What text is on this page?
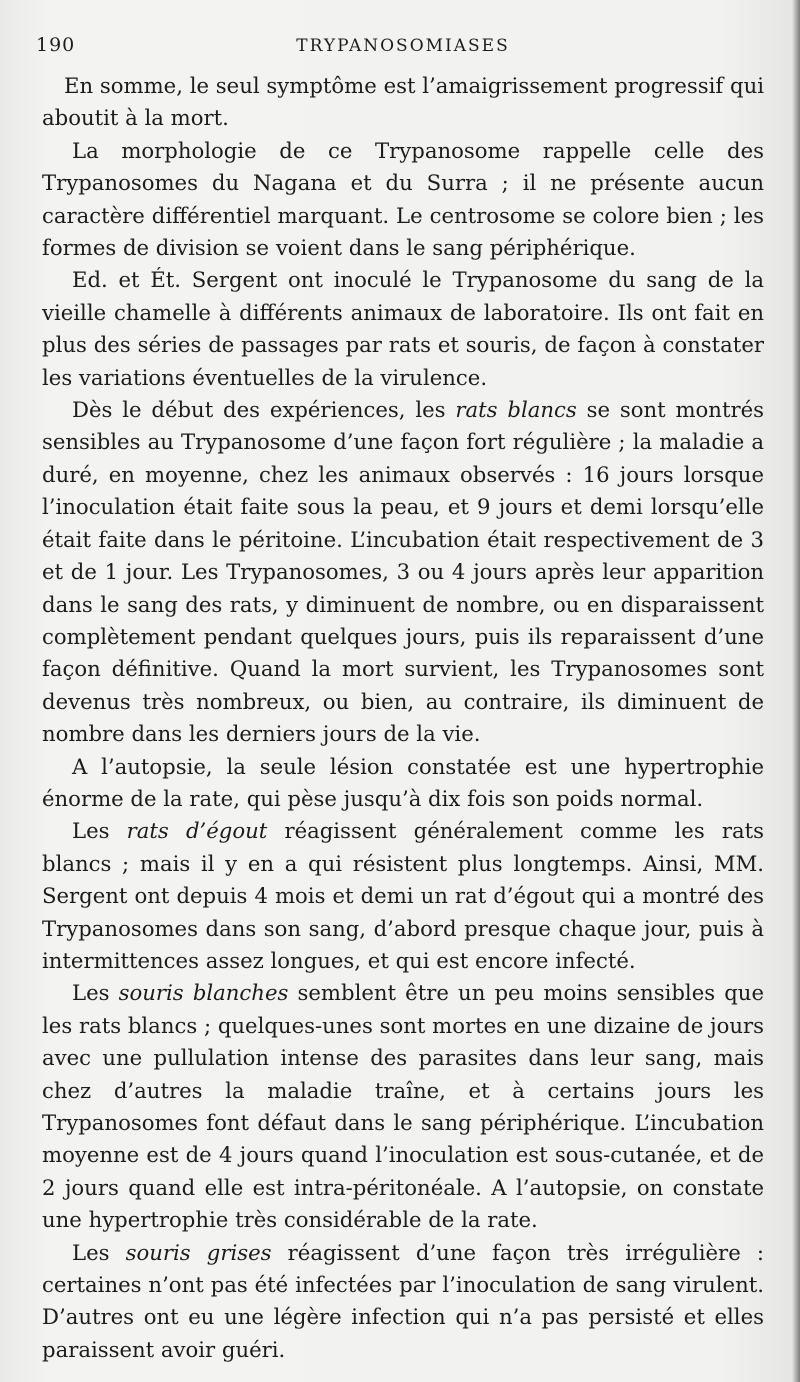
190	TRYPANOSOMIASES

En somme, le seul symptôme est l’amaigrissement progressif qui aboutit à la mort.

La morphologie de ce Trypanosome rappelle celle des Trypanosomes du Nagana et du Surra ; il ne présente aucun caractère différentiel marquant. Le centrosome se colore bien ; les formes de division se voient dans le sang périphérique.

Ed. et Ét. Sergent ont inoculé le Trypanosome du sang de la vieille chamelle à différents animaux de laboratoire. Ils ont fait en plus des séries de passages par rats et souris, de façon à constater les variations éventuelles de la virulence.

Dès le début des expériences, les rats blancs se sont montrés sensibles au Trypanosome d’une façon fort régulière ; la maladie a duré, en moyenne, chez les animaux observés : 16 jours lorsque l’inoculation était faite sous la peau, et 9 jours et demi lorsqu’elle était faite dans le péritoine. L’incubation était respectivement de 3 et de 1 jour. Les Trypanosomes, 3 ou 4 jours après leur apparition dans le sang des rats, y diminuent de nombre, ou en disparaissent complètement pendant quelques jours, puis ils reparaissent d’une façon définitive. Quand la mort survient, les Trypanosomes sont devenus très nombreux, ou bien, au contraire, ils diminuent de nombre dans les derniers jours de la vie.

A l’autopsie, la seule lésion constatée est une hypertrophie énorme de la rate, qui pèse jusqu’à dix fois son poids normal.

Les rats d’égout réagissent généralement comme les rats blancs ; mais il y en a qui résistent plus longtemps. Ainsi, MM. Sergent ont depuis 4 mois et demi un rat d’égout qui a montré des Trypanosomes dans son sang, d’abord presque chaque jour, puis à intermittences assez longues, et qui est encore infecté.

Les souris blanches semblent être un peu moins sensibles que les rats blancs ; quelques-unes sont mortes en une dizaine de jours avec une pullulation intense des parasites dans leur sang, mais chez d’autres la maladie traîne, et à certains jours les Trypanosomes font défaut dans le sang périphérique. L’incubation moyenne est de 4 jours quand l’inoculation est sous-cutanée, et de 2 jours quand elle est intra-péritonéale. A l’autopsie, on constate une hypertrophie très considérable de la rate.

Les souris grises réagissent d’une façon très irrégulière : certaines n’ont pas été infectées par l’inoculation de sang virulent. D’autres ont eu une légère infection qui n’a pas persisté et elles paraissent avoir guéri.
